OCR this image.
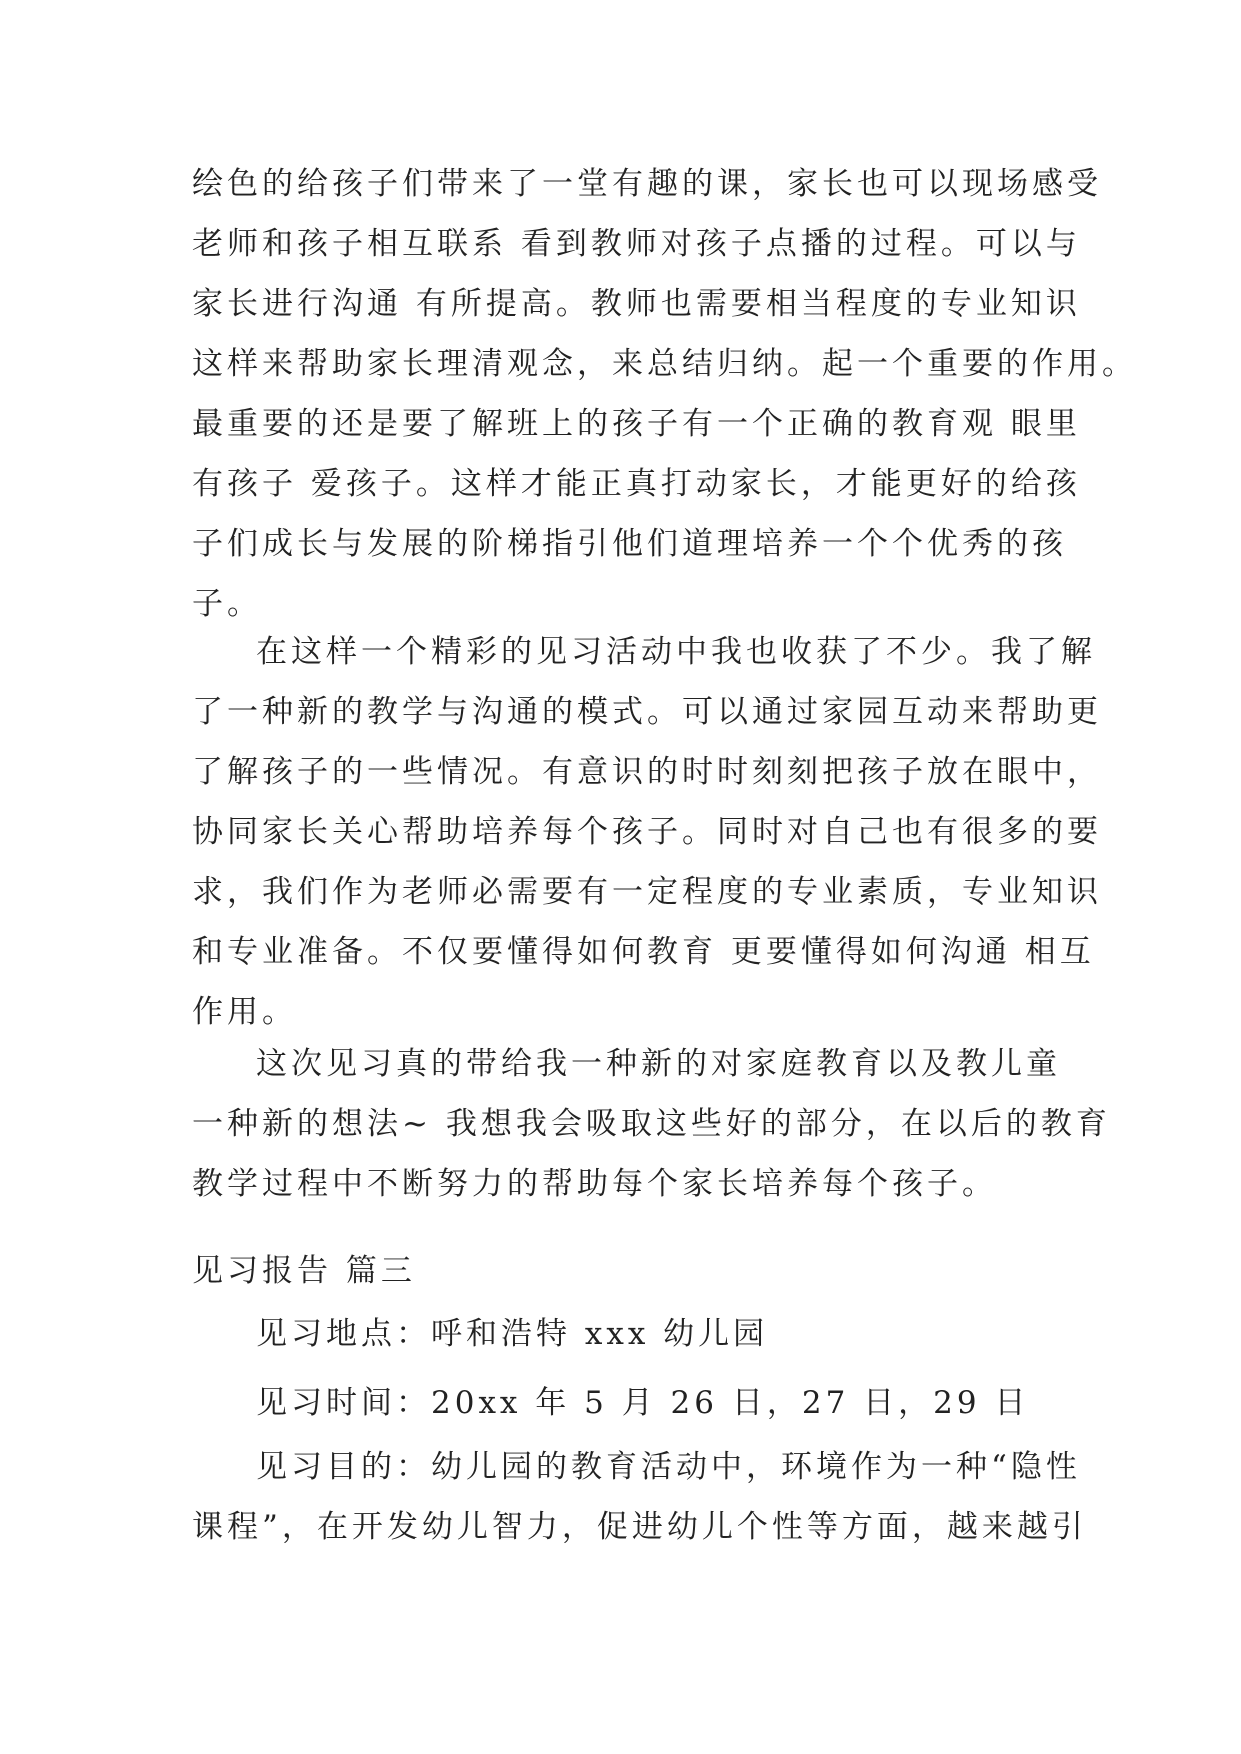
绘色的给孩子们带来了一堂有趣的课，家长也可以现场感受
老师和孩子相互联系 看到教师对孩子点播的过程。可以与
家长进行沟通 有所提高。教师也需要相当程度的专业知识
这样来帮助家长理清观念，来总结归纳。起一个重要的作用。
最重要的还是要了解班上的孩子有一个正确的教育观 眼里
有孩子 爱孩子。这样才能正真打动家长，才能更好的给孩
子们成长与发展的阶梯指引他们道理培养一个个优秀的孩
子。
在这样一个精彩的见习活动中我也收获了不少。我了解
了一种新的教学与沟通的模式。可以通过家园互动来帮助更
了解孩子的一些情况。有意识的时时刻刻把孩子放在眼中，
协同家长关心帮助培养每个孩子。同时对自己也有很多的要
求，我们作为老师必需要有一定程度的专业素质，专业知识
和专业准备。不仅要懂得如何教育 更要懂得如何沟通 相互
作用。
这次见习真的带给我一种新的对家庭教育以及教儿童
一种新的想法~ 我想我会吸取这些好的部分，在以后的教育
教学过程中不断努力的帮助每个家长培养每个孩子。
见习报告 篇三
见习地点：呼和浩特 xxx 幼儿园
见习时间：20xx 年 5 月 26 日，27 日，29 日
见习目的：幼儿园的教育活动中，环境作为一种“隐性
课程”，在开发幼儿智力，促进幼儿个性等方面，越来越引
